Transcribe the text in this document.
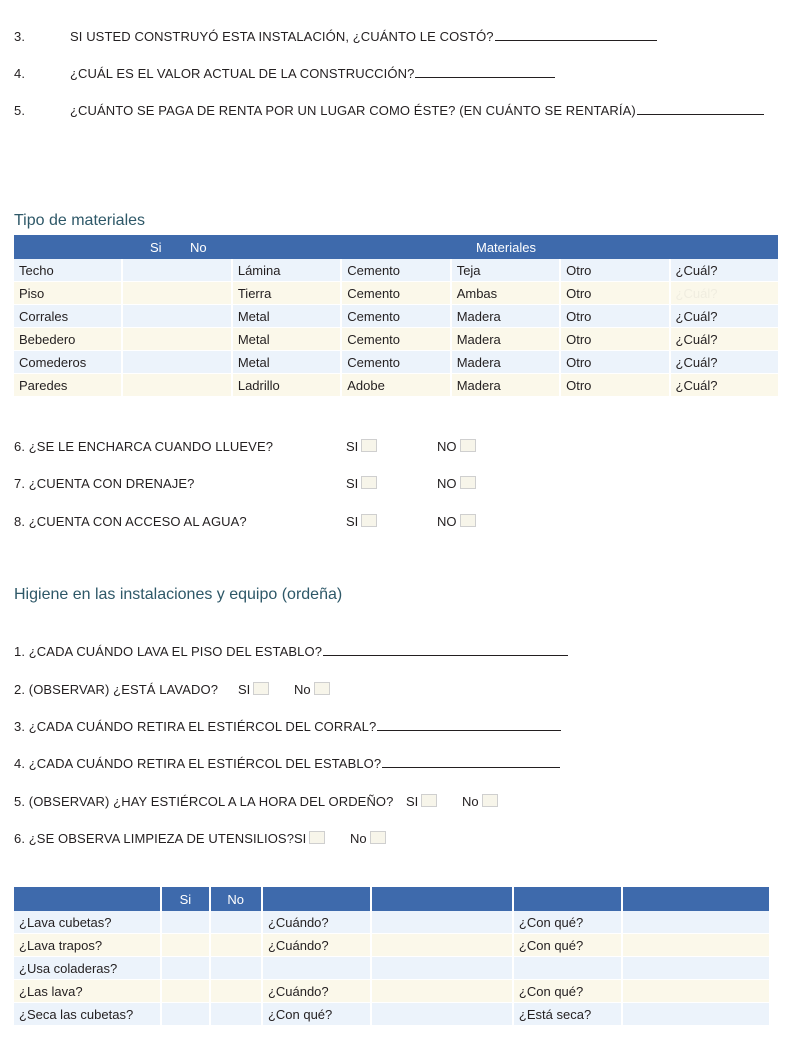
3.	SI USTED CONSTRUYÓ ESTA INSTALACIÓN, ¿CUÁNTO LE COSTÓ?
4.	¿CUÁL ES EL VALOR ACTUAL DE LA CONSTRUCCIÓN?
5.	¿CUÁNTO SE PAGA DE RENTA POR UN LUGAR COMO ÉSTE? (EN CUÁNTO SE RENTARÍA)
Tipo de materiales
Si No Materiales						

Techo		Lámina	Cemento	Teja	Otro	¿Cuál?
Piso		Tierra	Cemento	Ambas	Otro	¿Cuál?
Corrales		Metal	Cemento	Madera	Otro	¿Cuál?
Bebedero		Metal	Cemento	Madera	Otro	¿Cuál?
Comederos		Metal	Cemento	Madera	Otro	¿Cuál?
Paredes		Ladrillo	Adobe	Madera	Otro	¿Cuál?
6. ¿SE LE ENCHARCA CUANDO LLUEVE?	SI	NO
7. ¿CUENTA CON DRENAJE?	SI	NO
8. ¿CUENTA CON ACCESO AL AGUA?	SI	NO
Higiene en las instalaciones y equipo (ordeña)
1. ¿CADA CUÁNDO LAVA EL PISO DEL ESTABLO?
2. (OBSERVAR) ¿ESTÁ LAVADO? SI	No
3. ¿CADA CUÁNDO RETIRA EL ESTIÉRCOL DEL CORRAL?
4. ¿CADA CUÁNDO RETIRA EL ESTIÉRCOL DEL ESTABLO?
5. (OBSERVAR) ¿HAY ESTIÉRCOL A LA HORA DEL ORDEÑO? SI	No
6. ¿SE OBSERVA LIMPIEZA DE UTENSILIOS? SI	No
	Si	No				
¿Lava cubetas?			¿Cuándo?		¿Con qué?	
¿Lava trapos?			¿Cuándo?		¿Con qué?	
¿Usa coladeras?						
¿Las lava?			¿Cuándo?		¿Con qué?	
¿Seca las cubetas?			¿Con qué?		¿Está seca?	
